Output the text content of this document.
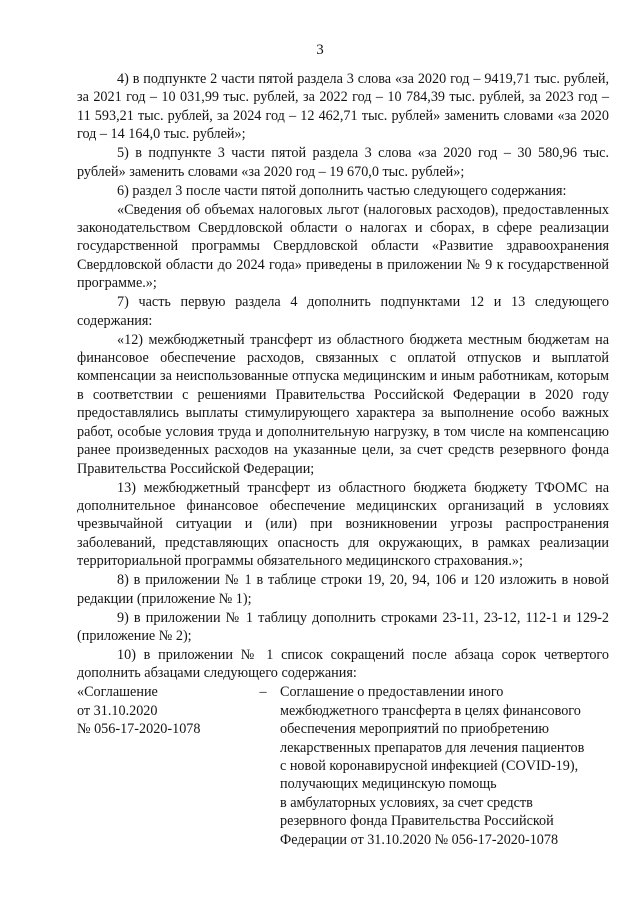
3

4) в подпункте 2 части пятой раздела 3 слова «за 2020 год – 9419,71 тыс. рублей, за 2021 год – 10 031,99 тыс. рублей, за 2022 год – 10 784,39 тыс. рублей, за 2023 год – 11 593,21 тыс. рублей, за 2024 год – 12 462,71 тыс. рублей» заменить словами «за 2020 год – 14 164,0 тыс. рублей»;

5) в подпункте 3 части пятой раздела 3 слова «за 2020 год – 30 580,96 тыс. рублей» заменить словами «за 2020 год – 19 670,0 тыс. рублей»;

6) раздел 3 после части пятой дополнить частью следующего содержания:

«Сведения об объемах налоговых льгот (налоговых расходов), предоставленных законодательством Свердловской области о налогах и сборах, в сфере реализации государственной программы Свердловской области «Развитие здравоохранения Свердловской области до 2024 года» приведены в приложении № 9 к государственной программе.»;

7) часть первую раздела 4 дополнить подпунктами 12 и 13 следующего содержания:

«12) межбюджетный трансферт из областного бюджета местным бюджетам на финансовое обеспечение расходов, связанных с оплатой отпусков и выплатой компенсации за неиспользованные отпуска медицинским и иным работникам, которым в соответствии с решениями Правительства Российской Федерации в 2020 году предоставлялись выплаты стимулирующего характера за выполнение особо важных работ, особые условия труда и дополнительную нагрузку, в том числе на компенсацию ранее произведенных расходов на указанные цели, за счет средств резервного фонда Правительства Российской Федерации;

13) межбюджетный трансферт из областного бюджета бюджету ТФОМС на дополнительное финансовое обеспечение медицинских организаций в условиях чрезвычайной ситуации и (или) при возникновении угрозы распространения заболеваний, представляющих опасность для окружающих, в рамках реализации территориальной программы обязательного медицинского страхования.»;

8) в приложении № 1 в таблице строки 19, 20, 94, 106 и 120 изложить в новой редакции (приложение № 1);

9) в приложении № 1 таблицу дополнить строками 23-11, 23-12, 112-1 и 129-2 (приложение № 2);

10) в приложении № 1 список сокращений после абзаца сорок четвертого дополнить абзацами следующего содержания:

«Соглашение
от 31.10.2020
№ 056-17-2020-1078
– Соглашение о предоставлении иного
межбюджетного трансферта в целях финансового
обеспечения мероприятий по приобретению
лекарственных препаратов для лечения пациентов
с новой коронавирусной инфекцией (COVID-19),
получающих медицинскую помощь
в амбулаторных условиях, за счет средств
резервного фонда Правительства Российской
Федерации от 31.10.2020 № 056-17-2020-1078
